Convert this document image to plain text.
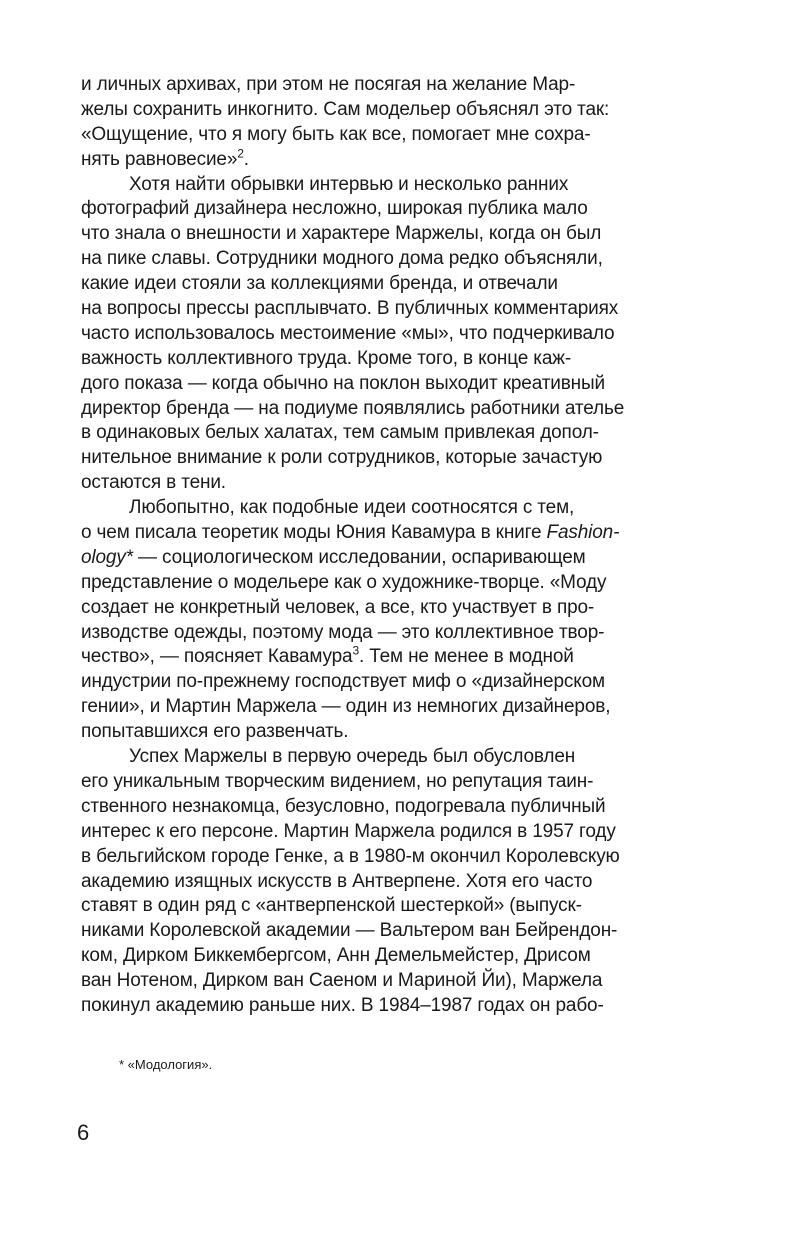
и личных архивах, при этом не посягая на желание Мар-
желы сохранить инкогнито. Сам модельер объяснял это так:
«Ощущение, что я могу быть как все, помогает мне сохра-
нять равновесие»$^2$.
Хотя найти обрывки интервью и несколько ранних
фотографий дизайнера несложно, широкая публика мало
что знала о внешности и характере Маржелы, когда он был
на пике славы. Сотрудники модного дома редко объясняли,
какие идеи стояли за коллекциями бренда, и отвечали
на вопросы прессы расплывчато. В публичных комментариях
часто использовалось местоимение «мы», что подчеркивало
важность коллективного труда. Кроме того, в конце каж-
дого показа — когда обычно на поклон выходит креативный
директор бренда — на подиуме появлялись работники ателье
в одинаковых белых халатах, тем самым привлекая допол-
нительное внимание к роли сотрудников, которые зачастую
остаются в тени.
Любопытно, как подобные идеи соотносятся с тем,
о чем писала теоретик моды Юния Кавамура в книге Fashion-
ology* — социологическом исследовании, оспаривающем
представление о модельере как о художнике-творце. «Моду
создает не конкретный человек, а все, кто участвует в про-
изводстве одежды, поэтому мода — это коллективное твор-
чество», — поясняет Кавамура$^3$. Тем не менее в модной
индустрии по-прежнему господствует миф о «дизайнерском
гении», и Мартин Маржела — один из немногих дизайнеров,
попытавшихся его развенчать.
Успех Маржелы в первую очередь был обусловлен
его уникальным творческим видением, но репутация таин-
ственного незнакомца, безусловно, подогревала публичный
интерес к его персоне. Мартин Маржела родился в 1957 году
в бельгийском городе Генке, а в 1980-м окончил Королевскую
академию изящных искусств в Антверпене. Хотя его часто
ставят в один ряд с «антверпенской шестеркой» (выпуск-
никами Королевской академии — Вальтером ван Бейрендон-
ком, Дирком Биккембергсом, Анн Демельмейстер, Дрисом
ван Нотеном, Дирком ван Саеном и Мариной Йи), Маржела
покинул академию раньше них. В 1984–1987 годах он рабо-
* «Модология».
6
